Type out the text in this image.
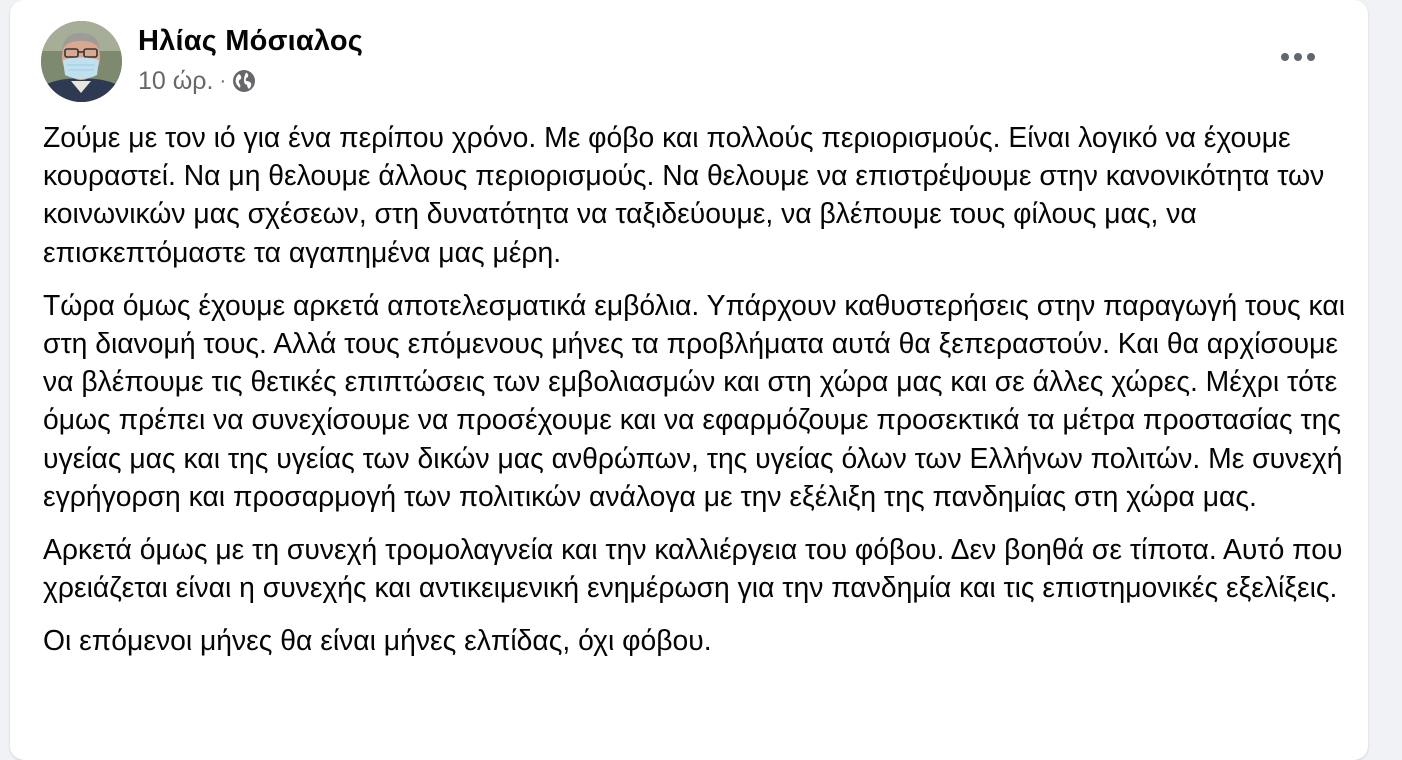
Ηλίας Μόσιαλος
10 ώρ. ·

Ζούμε με τον ιό για ένα περίπου χρόνο. Με φόβο και πολλούς περιορισμούς. Είναι λογικό να έχουμε κουραστεί. Να μη θελουμε άλλους περιορισμούς. Να θελουμε να επιστρέψουμε στην κανονικότητα των κοινωνικών μας σχέσεων, στη δυνατότητα να ταξιδεύουμε, να βλέπουμε τους φίλους μας, να επισκεπτόμαστε τα αγαπημένα μας μέρη.

Τώρα όμως έχουμε αρκετά αποτελεσματικά εμβόλια. Υπάρχουν καθυστερήσεις στην παραγωγή τους και στη διανομή τους. Αλλά τους επόμενους μήνες τα προβλήματα αυτά θα ξεπεραστούν. Και θα αρχίσουμε να βλέπουμε τις θετικές επιπτώσεις των εμβολιασμών και στη χώρα μας και σε άλλες χώρες. Μέχρι τότε όμως πρέπει να συνεχίσουμε να προσέχουμε και να εφαρμόζουμε προσεκτικά τα μέτρα προστασίας της υγείας μας και της υγείας των δικών μας ανθρώπων, της υγείας όλων των Ελλήνων πολιτών. Με συνεχή εγρήγορση και προσαρμογή των πολιτικών ανάλογα με την εξέλιξη της πανδημίας στη χώρα μας.

Αρκετά όμως με τη συνεχή τρομολαγνεία και την καλλιέργεια του φόβου. Δεν βοηθά σε τίποτα. Αυτό που χρειάζεται είναι η συνεχής και αντικειμενική ενημέρωση για την πανδημία και τις επιστημονικές εξελίξεις.

Οι επόμενοι μήνες θα είναι μήνες ελπίδας, όχι φόβου.
